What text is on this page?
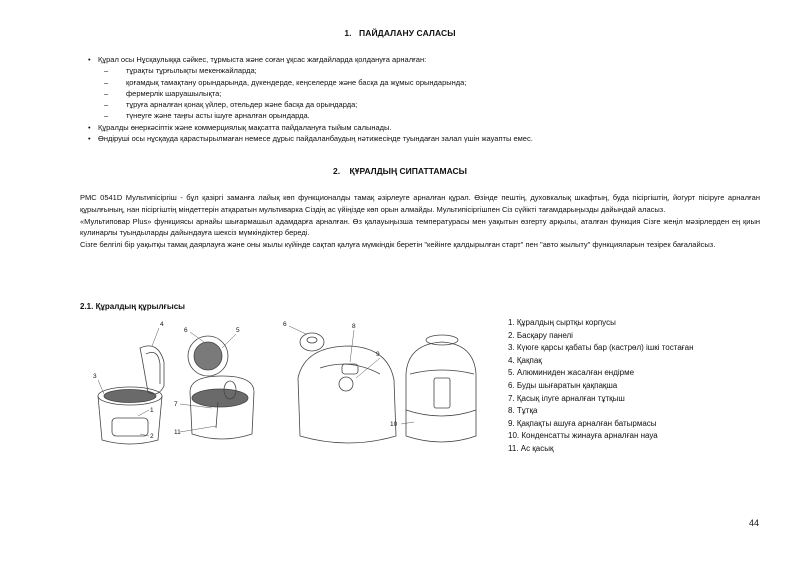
1.   ПАЙДАЛАНУ САЛАСЫ
• Құрал осы Нұсқаулыққа сәйкес, тұрмыста және соған ұқсас жағдайларда қолдануға арналған:
– тұрақты тұрғылықты мекенжайларда;
– қоғамдық тамақтану орындарында, дүкендерде, кеңселерде және басқа да жұмыс орындарында;
– фермерлік шаруашылықта;
– тұруға арналған қонақ үйлер, отельдер және басқа да орындарда;
– түнеуге және таңғы асты ішуге арналған орындарда.
• Құралды өнеркәсіптік және коммерциялық мақсатта пайдалануға тыйым салынады.
• Өндіруші осы нұсқауда қарастырылмаған немесе дұрыс пайдаланбаудың нәтижесінде туындаған залал үшін жауапты емес.
2.    ҚҰРАЛДЫҢ СИПАТТАМАСЫ

PMC 0541D Мультипісіргіш - бұл қазіргі заманға лайық көп функционалды тамақ әзірлеуге арналған құрал. Өзінде пештің, духовкалық шкафтың, буда пісіргіштің, йогурт пісіруге арналған құрылғының, нан пісіргіштің міндеттерін атқаратын мультиварка Сіздің ас үйіңізде көп орын алмайды. Мультипісіргішпен Сіз сүйікті тағамдарыңызды дайындай аласыз.

«Мультиповар Plus» функциясы арнайы шығармашыл адамдарға арналған. Өз қалауыңызша температурасы мен уақытын өзгерту арқылы, аталған функция Сізге жеңіл мәзірлерден ең қиын кулинарлы туындыларды дайындауға шексіз мүмкіндіктер береді.

Сізге белгілі бір уақытқы тамақ даярлауға және оны жылы күйінде сақтап қалуға мүмкіндік беретін "кейінге қалдырылған старт" пен "авто жылыту" функцияларын тезірек бағалайсыз.

2.1. Құралдың құрылғысы
4
3
1
2
6	5
7
11
6	8
9
10
1. Құралдың сыртқы корпусы
2. Басқару панелі
3. Күюге қарсы қабаты бар (кастрөл) ішкі тостаған
4. Қақпақ
5. Алюминиден жасалған ендірме
6. Буды шығаратын қақпақша
7. Қасық ілуге арналған тұтқыш
8. Тұтқа
9. Қақпақты ашуға арналған батырмасы
10. Конденсатты жинауға арналған науа
11. Ас қасық
44
